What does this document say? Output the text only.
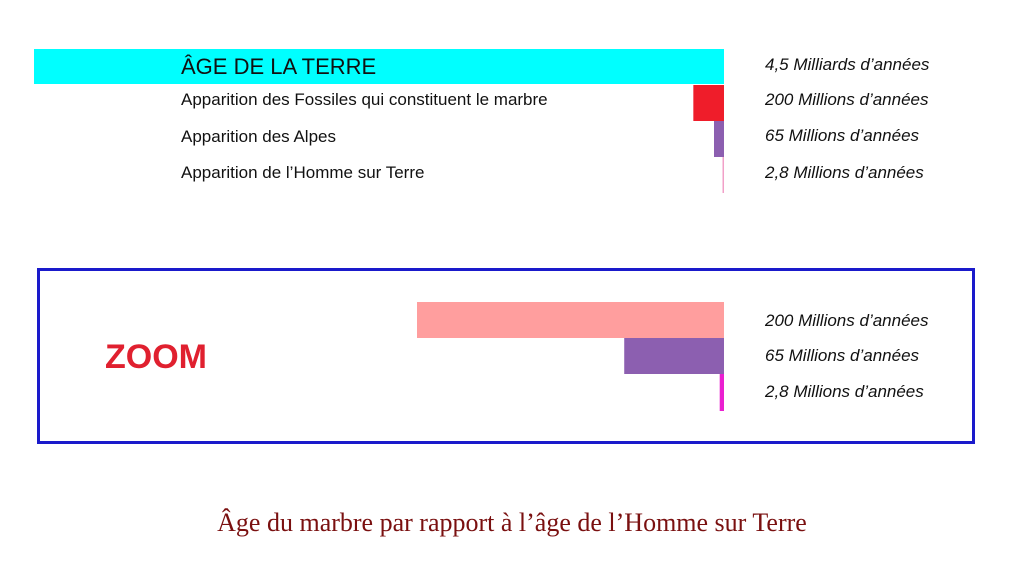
ÂGE DE LA TERRE
Apparition des Fossiles qui constituent le marbre
Apparition des Alpes
Apparition de l’Homme sur Terre
4,5 Milliards d’années
200 Millions d’années
65 Millions d’années
2,8 Millions d’années
ZOOM
200 Millions d’années
65 Millions d’années
2,8 Millions d’années
Âge du marbre par rapport à l’âge de l’Homme sur Terre
